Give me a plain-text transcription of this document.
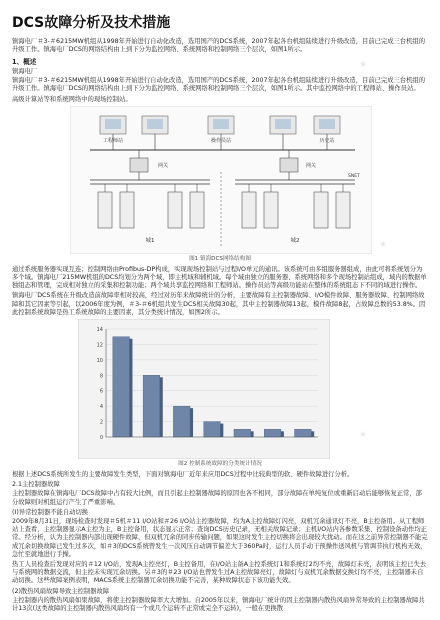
DCS故障分析及技术措施

镇海电厂＃3-＃6215MW机组从1998年开始进行自动化改造，选用国产的DCS系统，2007年起各台机组陆续进行升级改造，目前已完成三台机组的升级工作。镇海电厂DCS的网络结构由上到下分为监控网络、系统网络和控制网络三个层次，如图1所示。

1、概述
镇海电厂

镇海电厂＃3-＃6215MW机组从1998年开始进行自动化改造，选用国产的DCS系统，2007年起各台机组陆续进行升级改造，目前已完成三台机组的升级工作。镇海电厂DCS的网络结构由上到下分为监控网络、系统网络和控制网络三个层次，如图1所示。其中监控网络中的工程师站、操作员站。

高级计算站等和系统网络中的现场控制站。

工程师站	操作员站	历史站
网关	网关
SNET
城1	城2
图1 镇海DCS网络结构图

通过系统服务器实现互连；控制网络由Profibus-DP构成，实现现场控制站与过程I/O单元的通讯。该系统可由多组服务器组成，由此可将系统划分为多个域。镇海电厂215MW机组的DCS均划分为两个域，即主机域和辅机域。每个域由独立的服务器、系统网络和多个现场控制站组成，域内的数据单独组态和管理，完成相对独立的采集和控制功能；两个域共享监控网络和工程师站。操作员站等高级功能站在整体的系统组态下不同的域进行操作。

镇海电厂DCS系统在升级改造前故障率相对较高，经过对历年来故障统计的分析，主要故障有主控制器故障、I/O模件故障、服务器故障、控制网络故障和其它因素等引起，以2006年度为例，＃3-＃6机组共发生DCS相关故障30起，其中主控制器故障13起，模件故障8起，占故障总数的53.8%。因此控制系统故障是热工系统故障的主要因素，其分类统计情况，如图2所示。

14
12
10
8
6
4
2
0
图2 控制系统故障的分类统计情况

根据上述DCS系统所发生的主要故障发生类型，下面对镇海电厂近年来应用DCS过程中比较典型的软、硬件故障进行分析。

2.1主控制器故障

主控制器故障在镇海电厂DCS故障中占有较大比例，而且引起主控制器故障的原因也各不相同，部分故障在单纯复位或重新启动后能够恢复正常，部分故障则对机组运行产生了严重影响。

(I)异常控制器不能自动切换

2009年8月31日，现场检查时发现＃5机＃11 I/O站和＃26 I/O站主控器故障，均为A主控故障灯闪亮，双机冗余通讯灯不亮，B主控备用。从工程师站上查看，主控制器显示A主控为主，B主控备用，状态显示正常；查询DCS历史记录，无相关故障记录；主机I/O站内各参数采集、控制设备动作均正常。经分析，认为主控制器内部出现硬件故障，但双机冗余的同步传输问题，如果这时发生主控切换将会出现较大扰动。而在这之前异常控制器不能完成冗余切换故障已发生过多次，如＃3的DCS系统曾发生一次风压自动调节偏差大于360Pa时，运行人员手动干预操作送风机与管调节执行机构无效，急忙至就地进行手操。

热工人员检查后发现对应的＃12 I/O站，发现A主控亮灯，B主控备用，在I/O站主备A主控系统灯1和系统灯2均不亮，故障灯未亮，表明该主控已失去与系统网的数据交流，但主控未实现冗余切换。另＃3的＃23 I/O站也曾发生过A主控故障亮灯，故障灯与双机冗余数据交换灯均不亮，主控制器未自动切换。这些故障案例表明，MACS系统主控制器冗余切换功能不完善，某种故障状态下该功能失效。

(2)散热风扇故障导致主控制器故障

主控制器内的散热风扇如果故障，将使主控制器故障率大大增加。自2005年以来，镇海电厂统计的因主控制器内散热风扇异常导致的主控制器故障共计13次(这类故障的主控制器内散热风扇均有一个或几个运转不正常或完全不运转)，一般在更换散

✳
✳
✳
